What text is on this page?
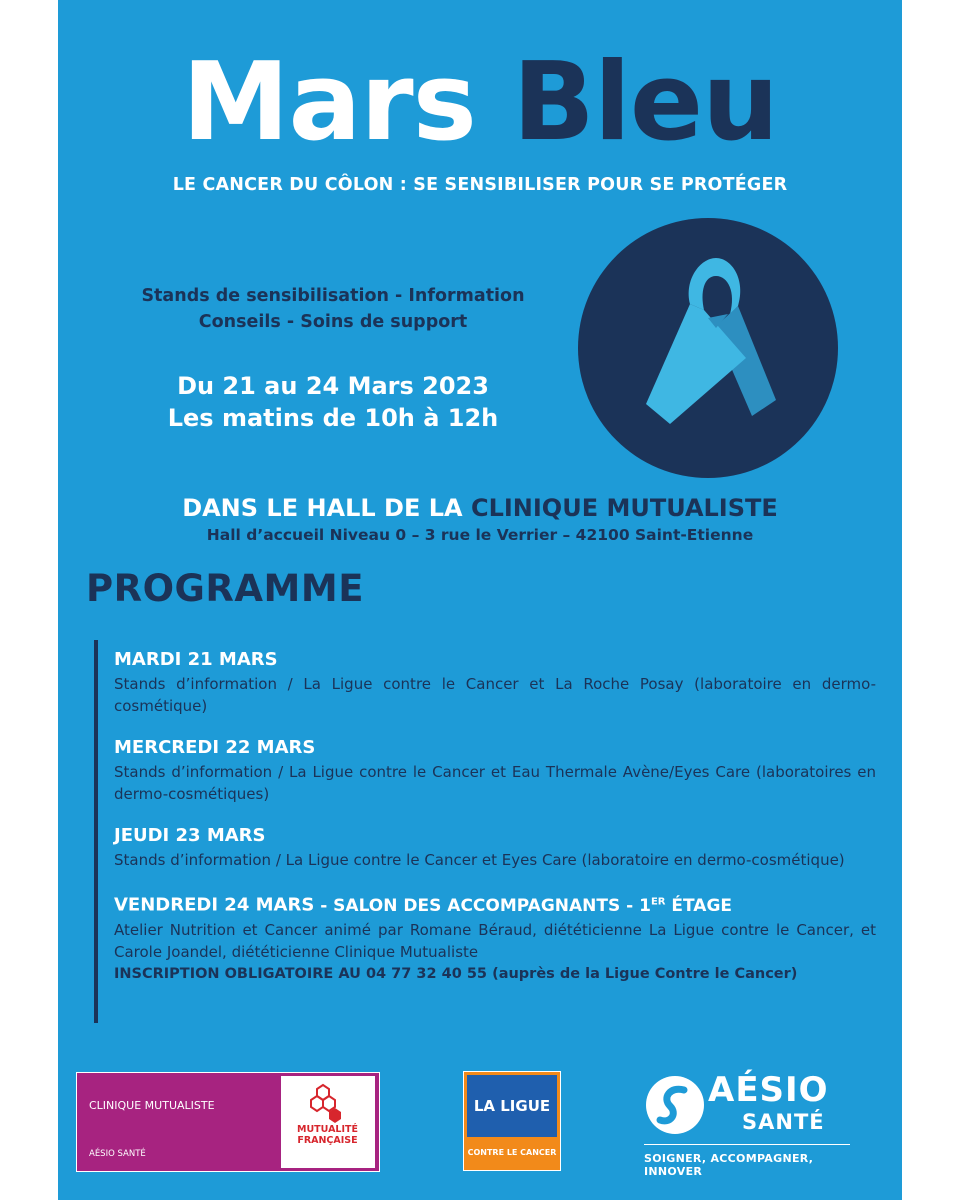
Mars Bleu
LE CANCER DU CÔLON : SE SENSIBILISER POUR SE PROTÉGER
Stands de sensibilisation - Information
Conseils - Soins de support
Du 21 au 24 Mars 2023
Les matins de 10h à 12h
DANS LE HALL DE LA CLINIQUE MUTUALISTE
Hall d’accueil Niveau 0 – 3 rue le Verrier – 42100 Saint-Etienne
PROGRAMME
MARDI 21 MARS
Stands d’information / La Ligue contre le Cancer et La Roche Posay (laboratoire en dermo-cosmétique)
MERCREDI 22 MARS
Stands d’information / La Ligue contre le Cancer et Eau Thermale Avène/Eyes Care (laboratoires en dermo-cosmétiques)
JEUDI 23 MARS
Stands d’information / La Ligue contre le Cancer et Eyes Care (laboratoire en dermo-cosmétique)
VENDREDI 24 MARS - SALON DES ACCOMPAGNANTS - 1ER ÉTAGE
Atelier Nutrition et Cancer animé par Romane Béraud, diététicienne La Ligue contre le Cancer, et Carole Joandel, diététicienne Clinique Mutualiste
INSCRIPTION OBLIGATOIRE AU 04 77 32 40 55 (auprès de la Ligue Contre le Cancer)
CLINIQUE MUTUALISTE
AÉSIO SANTÉ
MUTUALITÉ
FRANÇAISE
LA LIGUE
CONTRE LE CANCER
AÉSIO
SANTÉ
SOIGNER, ACCOMPAGNER, INNOVER
